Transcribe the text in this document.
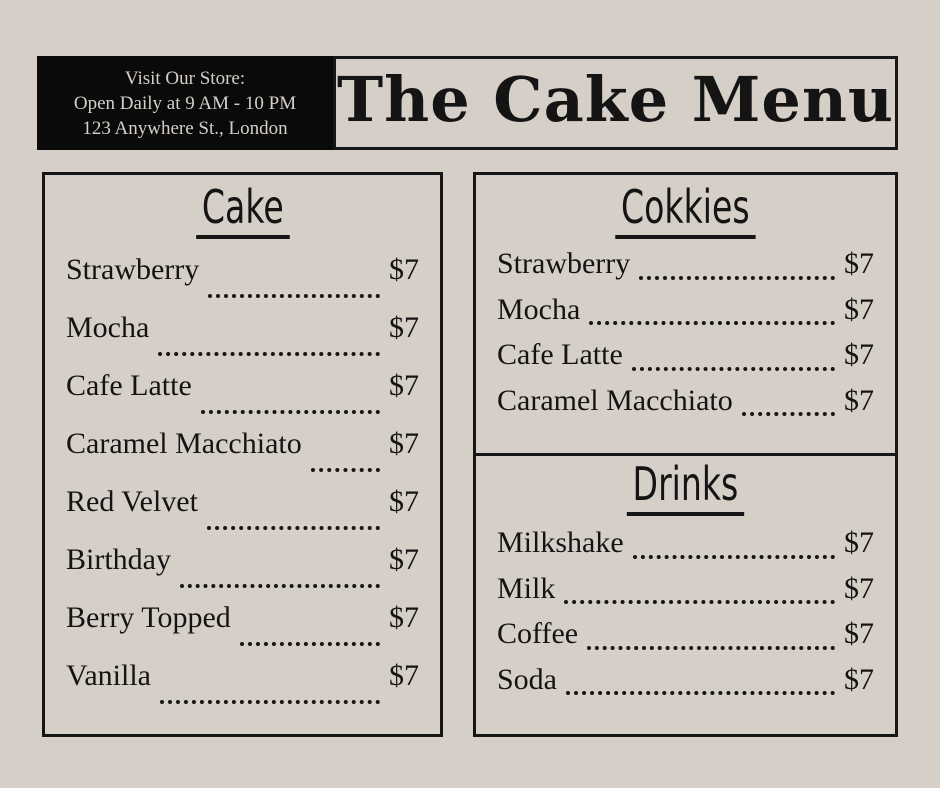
Visit Our Store:
Open Daily at 9 AM - 10 PM
123 Anywhere St., London The Cake Menu
Cake
Strawberry	$7
Mocha	$7
Cafe Latte	$7
Caramel Macchiato	$7
Red Velvet	$7
Birthday	$7
Berry Topped	$7
Vanilla	$7
Cokkies
Strawberry	$7
Mocha	$7
Cafe Latte	$7
Caramel Macchiato	$7
Drinks
Milkshake	$7
Milk	$7
Coffee	$7
Soda	$7
